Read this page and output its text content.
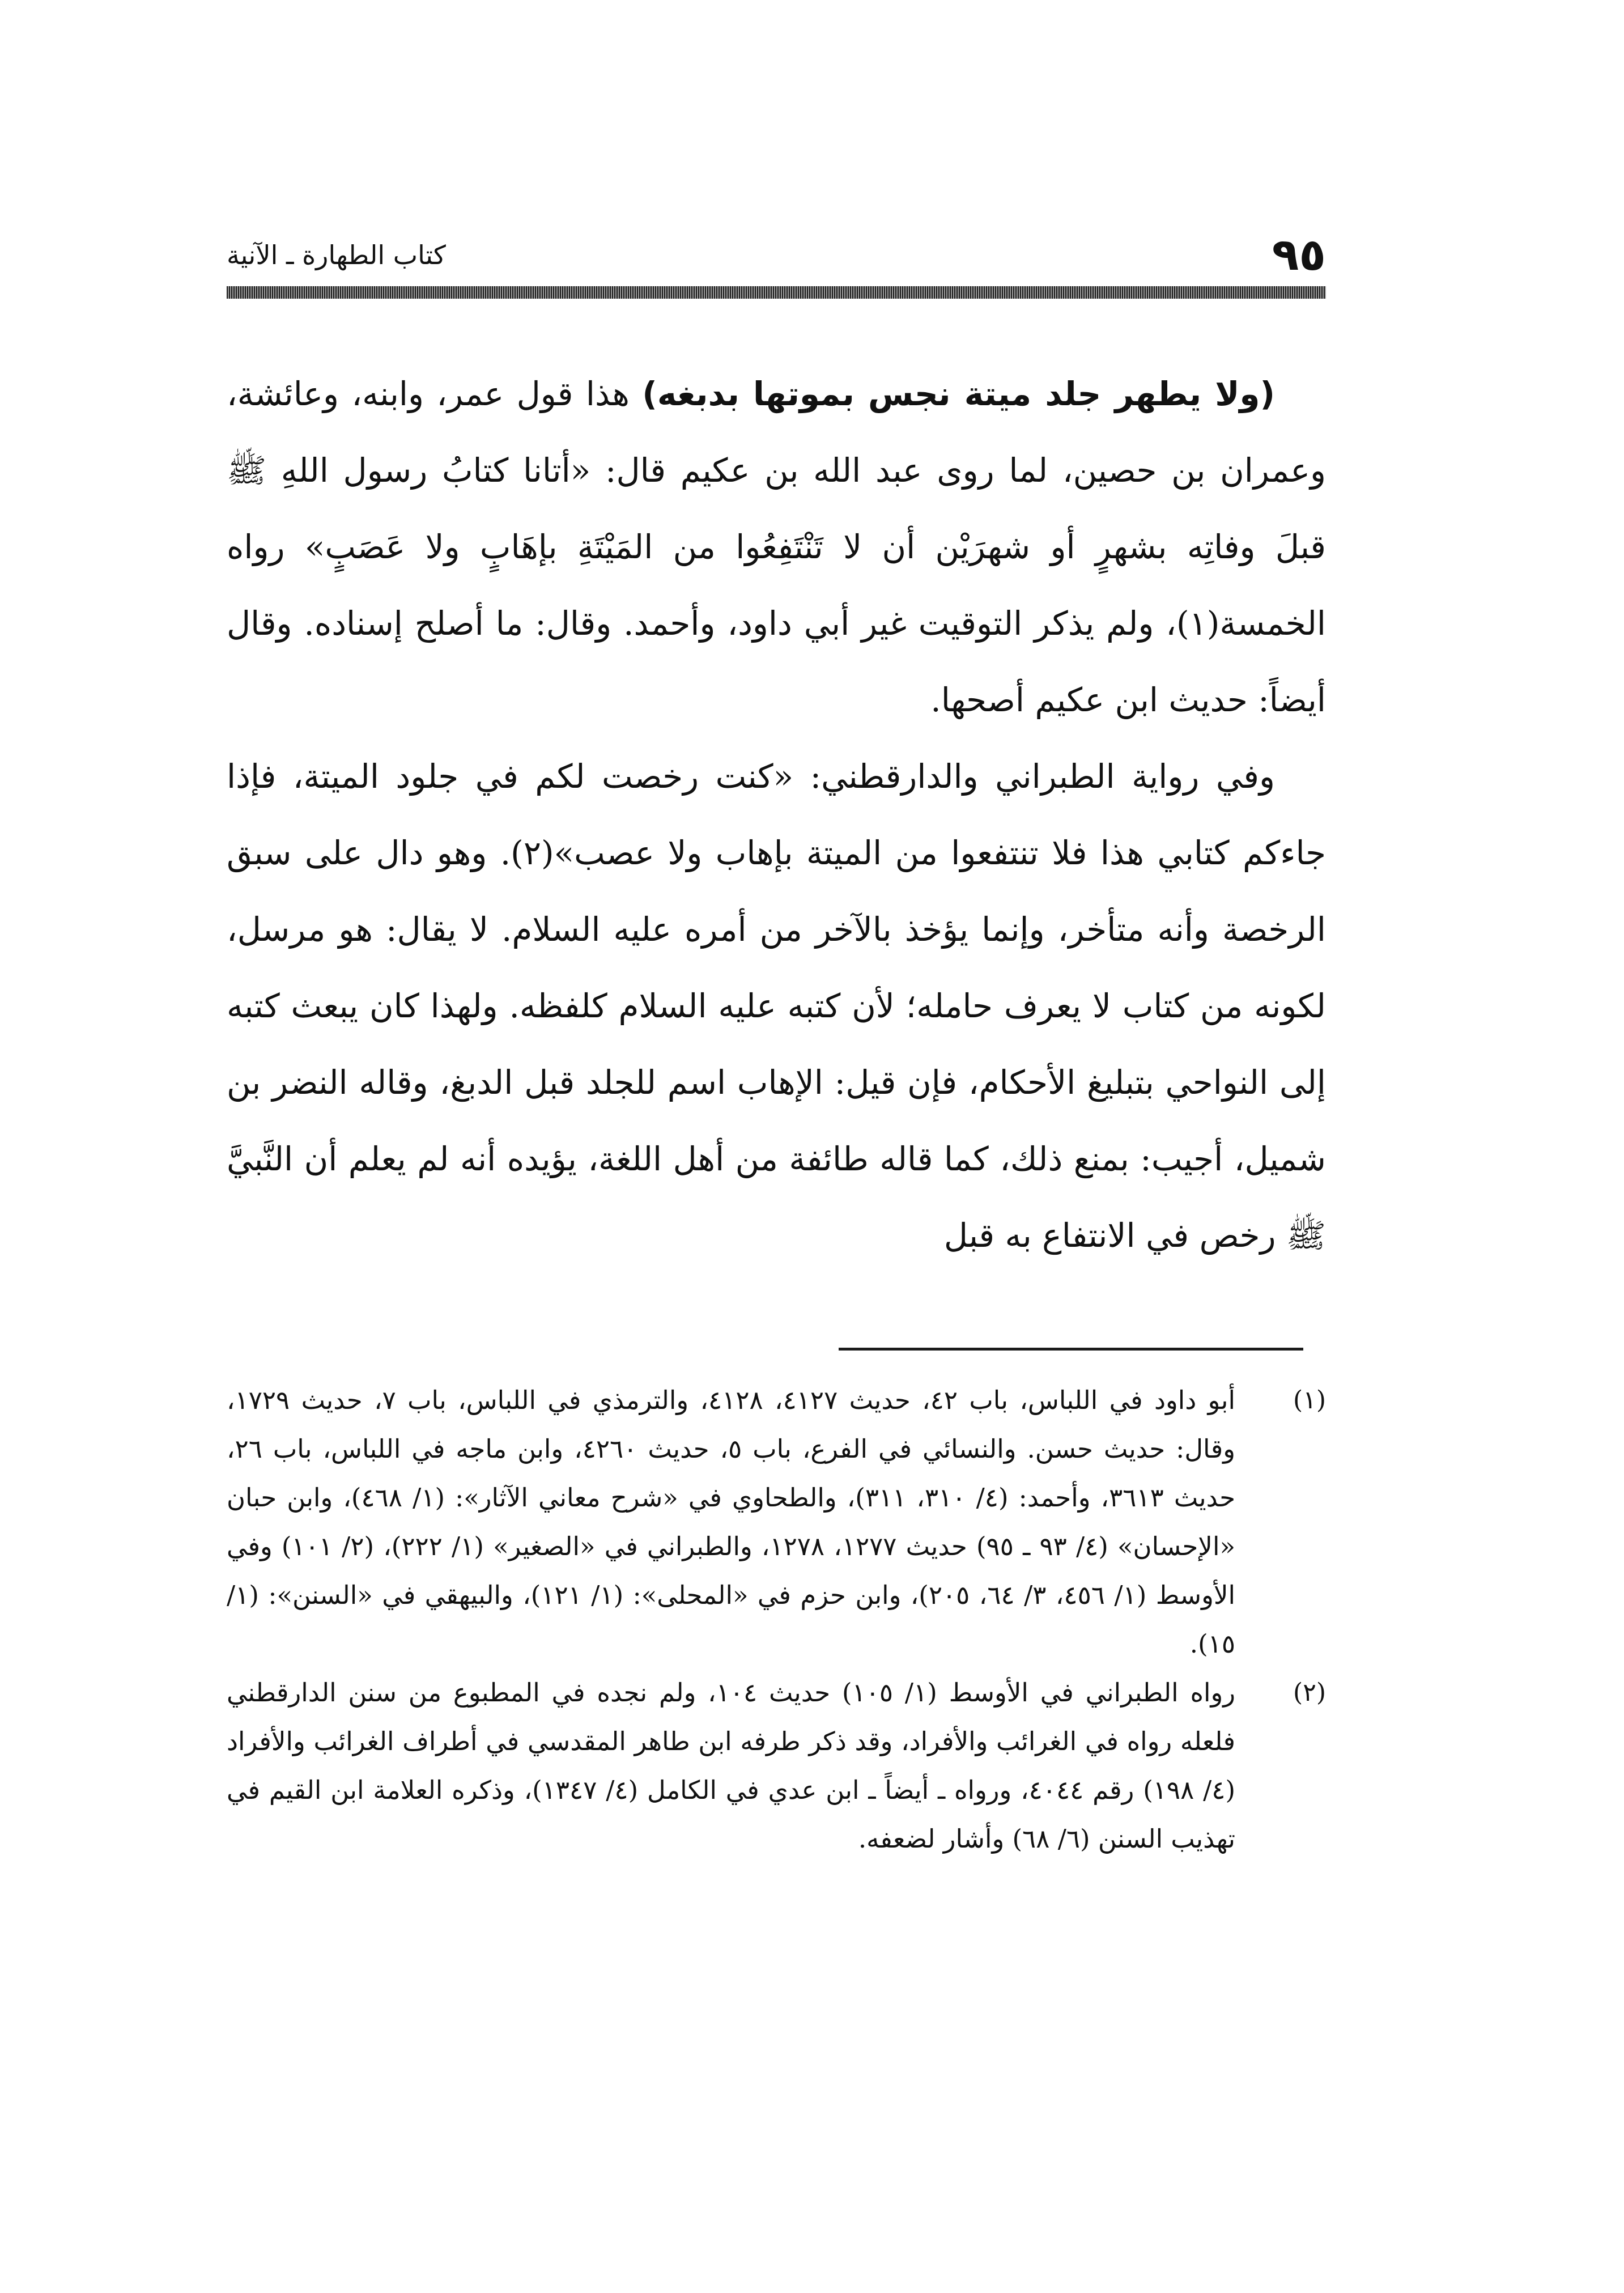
٩٥
كتاب الطهارة ـ الآنية

(ولا يطهر جلد ميتة نجس بموتها بدبغه) هذا قول عمر، وابنه، وعائشة، وعمران بن حصين، لما روى عبد الله بن عكيم قال: «أتانا كتابُ رسول اللهِ ﷺ قبلَ وفاتِه بشهرٍ أو شهرَيْن أن لا تَنْتَفِعُوا من المَيْتَةِ بإهَابٍ ولا عَصَبٍ» رواه الخمسة(١)، ولم يذكر التوقيت غير أبي داود، وأحمد. وقال: ما أصلح إسناده. وقال أيضاً: حديث ابن عكيم أصحها.

وفي رواية الطبراني والدارقطني: «كنت رخصت لكم في جلود الميتة، فإذا جاءكم كتابي هذا فلا تنتفعوا من الميتة بإهاب ولا عصب»(٢). وهو دال على سبق الرخصة وأنه متأخر، وإنما يؤخذ بالآخر من أمره عليه السلام. لا يقال: هو مرسل، لكونه من كتاب لا يعرف حامله؛ لأن كتبه عليه السلام كلفظه. ولهذا كان يبعث كتبه إلى النواحي بتبليغ الأحكام، فإن قيل: الإهاب اسم للجلد قبل الدبغ، وقاله النضر بن شميل، أجيب: بمنع ذلك، كما قاله طائفة من أهل اللغة، يؤيده أنه لم يعلم أن النَّبيَّ ﷺ رخص في الانتفاع به قبل

(١)
أبو داود في اللباس، باب ٤٢، حديث ٤١٢٧، ٤١٢٨، والترمذي في اللباس، باب ٧، حديث ١٧٢٩، وقال: حديث حسن. والنسائي في الفرع، باب ٥، حديث ٤٢٦٠، وابن ماجه في اللباس، باب ٢٦، حديث ٣٦١٣، وأحمد: (٤/ ٣١٠، ٣١١)، والطحاوي في «شرح معاني الآثار»: (١/ ٤٦٨)، وابن حبان «الإحسان» (٤/ ٩٣ ـ ٩٥) حديث ١٢٧٧، ١٢٧٨، والطبراني في «الصغير» (١/ ٢٢٢)، (٢/ ١٠١) وفي الأوسط (١/ ٤٥٦، ٣/ ٦٤، ٢٠٥)، وابن حزم في «المحلى»: (١/ ١٢١)، والبيهقي في «السنن»: (١/ ١٥).
(٢)
رواه الطبراني في الأوسط (١/ ١٠٥) حديث ١٠٤، ولم نجده في المطبوع من سنن الدارقطني فلعله رواه في الغرائب والأفراد، وقد ذكر طرفه ابن طاهر المقدسي في أطراف الغرائب والأفراد (٤/ ١٩٨) رقم ٤٠٤٤، ورواه ـ أيضاً ـ ابن عدي في الكامل (٤/ ١٣٤٧)، وذكره العلامة ابن القيم في تهذيب السنن (٦/ ٦٨) وأشار لضعفه.
